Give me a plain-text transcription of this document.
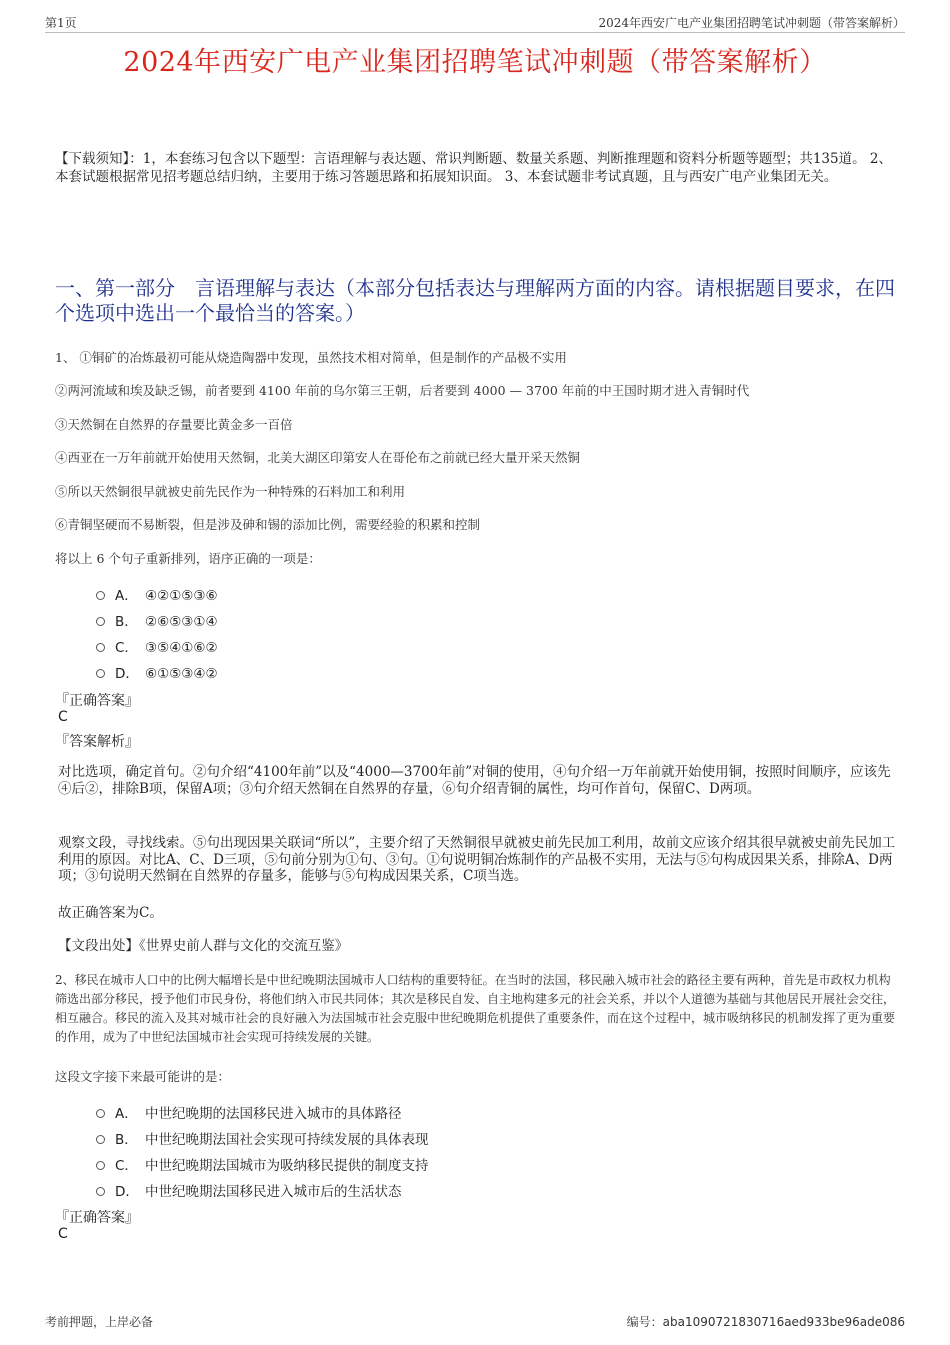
第1页	2024年西安广电产业集团招聘笔试冲刺题（带答案解析）
2024年西安广电产业集团招聘笔试冲刺题（带答案解析）
【下载须知】：1，本套练习包含以下题型：言语理解与表达题、常识判断题、数量关系题、判断推理题和资料分析题等题型；共135道。 2、本套试题根据常见招考题总结归纳，主要用于练习答题思路和拓展知识面。 3、本套试题非考试真题，且与西安广电产业集团无关。
一、第一部分　言语理解与表达（本部分包括表达与理解两方面的内容。请根据题目要求，在四个选项中选出一个最恰当的答案。）
1、 ①铜矿的冶炼最初可能从烧造陶器中发现，虽然技术相对简单，但是制作的产品极不实用
②两河流域和埃及缺乏锡，前者要到 4100 年前的乌尔第三王朝，后者要到 4000 — 3700 年前的中王国时期才进入青铜时代
③天然铜在自然界的存量要比黄金多一百倍
④西亚在一万年前就开始使用天然铜，北美大湖区印第安人在哥伦布之前就已经大量开采天然铜
⑤所以天然铜很早就被史前先民作为一种特殊的石料加工和利用
⑥青铜坚硬而不易断裂，但是涉及砷和锡的添加比例，需要经验的积累和控制
将以上 6 个句子重新排列，语序正确的一项是：
A． ④②①⑤③⑥
B． ②⑥⑤③①④
C． ③⑤④①⑥②
D． ⑥①⑤③④②
『正确答案』
C
『答案解析』
对比选项，确定首句。②句介绍“4100年前”以及“4000—3700年前”对铜的使用，④句介绍一万年前就开始使用铜，按照时间顺序，应该先④后②，排除B项，保留A项；③句介绍天然铜在自然界的存量，⑥句介绍青铜的属性，均可作首句，保留C、D两项。
观察文段，寻找线索。⑤句出现因果关联词“所以”，主要介绍了天然铜很早就被史前先民加工利用，故前文应该介绍其很早就被史前先民加工利用的原因。对比A、C、D三项，⑤句前分别为①句、③句。①句说明铜冶炼制作的产品极不实用，无法与⑤句构成因果关系，排除A、D两项；③句说明天然铜在自然界的存量多，能够与⑤句构成因果关系，C项当选。
故正确答案为C。
【文段出处】《世界史前人群与文化的交流互鉴》
2、移民在城市人口中的比例大幅增长是中世纪晚期法国城市人口结构的重要特征。在当时的法国，移民融入城市社会的路径主要有两种，首先是市政权力机构筛选出部分移民，授予他们市民身份，将他们纳入市民共同体；其次是移民自发、自主地构建多元的社会关系，并以个人道德为基础与其他居民开展社会交往，相互融合。移民的流入及其对城市社会的良好融入为法国城市社会克服中世纪晚期危机提供了重要条件，而在这个过程中，城市吸纳移民的机制发挥了更为重要的作用，成为了中世纪法国城市社会实现可持续发展的关键。
这段文字接下来最可能讲的是：
A． 中世纪晚期的法国移民进入城市的具体路径
B． 中世纪晚期法国社会实现可持续发展的具体表现
C． 中世纪晚期法国城市为吸纳移民提供的制度支持
D． 中世纪晚期法国移民进入城市后的生活状态
『正确答案』
C
考前押题，上岸必备	编号：aba1090721830716aed933be96ade086
